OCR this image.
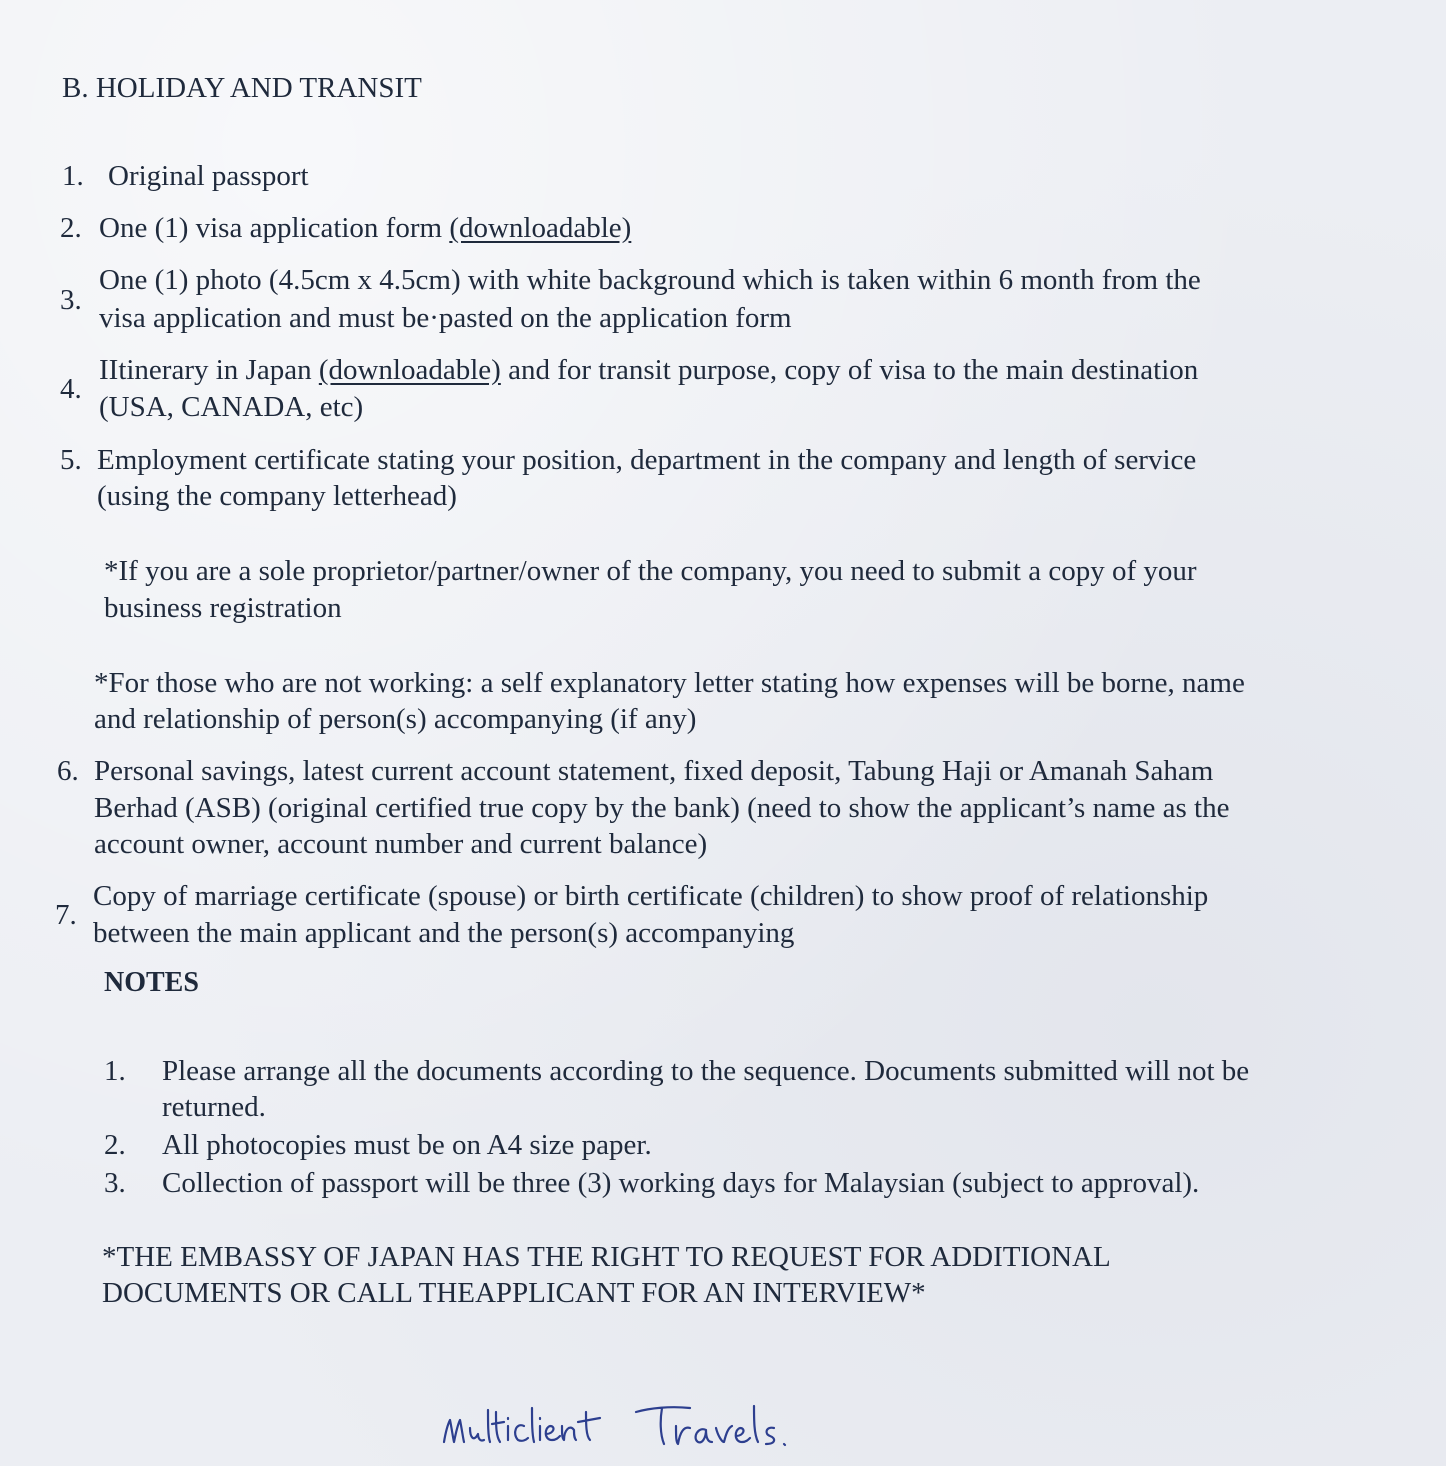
B. HOLIDAY AND TRANSIT
1. Original passport
2. One (1) visa application form (downloadable)
3.
One (1) photo (4.5cm x 4.5cm) with white background which is taken within 6 month from the
visa application and must be·pasted on the application form
4.
IItinerary in Japan (downloadable) and for transit purpose, copy of visa to the main destination
(USA, CANADA, etc)
5. Employment certificate stating your position, department in the company and length of service
(using the company letterhead)
*If you are a sole proprietor/partner/owner of the company, you need to submit a copy of your
business registration
*For those who are not working: a self explanatory letter stating how expenses will be borne, name
and relationship of person(s) accompanying (if any)
6. Personal savings, latest current account statement, fixed deposit, Tabung Haji or Amanah Saham
Berhad (ASB) (original certified true copy by the bank) (need to show the applicant’s name as the
account owner, account number and current balance)
7.
Copy of marriage certificate (spouse) or birth certificate (children) to show proof of relationship
between the main applicant and the person(s) accompanying
NOTES
1. Please arrange all the documents according to the sequence. Documents submitted will not be
returned.
2. All photocopies must be on A4 size paper.
3. Collection of passport will be three (3) working days for Malaysian (subject to approval).
*THE EMBASSY OF JAPAN HAS THE RIGHT TO REQUEST FOR ADDITIONAL
DOCUMENTS OR CALL THEAPPLICANT FOR AN INTERVIEW*
